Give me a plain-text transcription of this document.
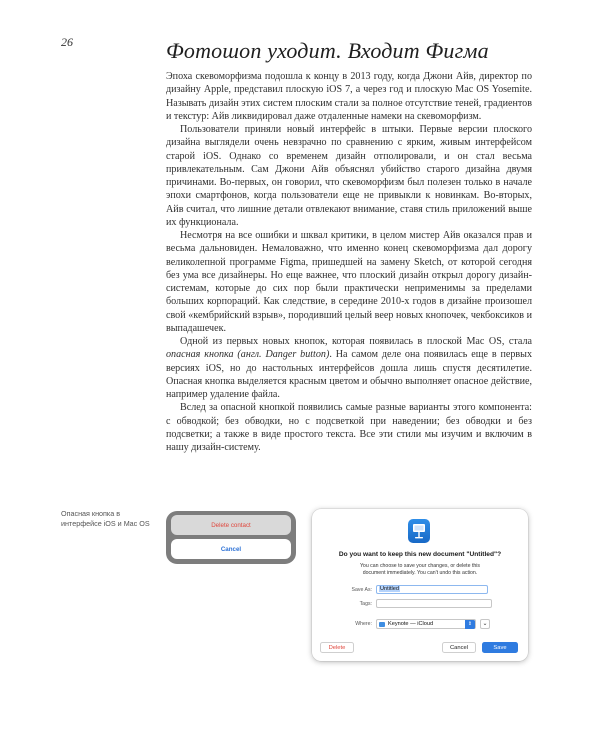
26	Фотошоп уходит. Входит Фигма

Эпоха скевоморфизма подошла к концу в 2013 году, когда Джони Айв, директор по дизайну Apple, представил плоскую iOS 7, а через год и плоскую Mac OS Yosemite. Называть дизайн этих систем плоским стали за полное отсутствие теней, градиентов и текстур: Айв ликвидировал даже отдаленные намеки на скевоморфизм.

Пользователи приняли новый интерфейс в штыки. Первые версии плоского дизайна выглядели очень невзрачно по сравнению с ярким, живым интерфейсом старой iOS. Однако со временем дизайн отполировали, и он стал весьма привлекательным. Сам Джони Айв объяснял убийство старого дизайна двумя причинами. Во-первых, он говорил, что скевоморфизм был полезен только в начале эпохи смартфонов, когда пользователи еще не привыкли к новинкам. Во-вторых, Айв считал, что лишние детали отвлекают внимание, ставя стиль приложений выше их функционала.

Несмотря на все ошибки и шквал критики, в целом мистер Айв оказался прав и весьма дальновиден. Немаловажно, что именно конец скевоморфизма дал дорогу великолепной программе Figma, пришедшей на замену Sketch, от которой сегодня без ума все дизайнеры. Но еще важнее, что плоский дизайн открыл дорогу дизайн-системам, которые до сих пор были практически неприменимы за пределами больших корпораций. Как следствие, в середине 2010-х годов в дизайне произошел свой «кембрийский взрыв», породивший целый веер новых кнопочек, чекбоксиков и выпадашечек.

Одной из первых новых кнопок, которая появилась в плоской Mac OS, стала опасная кнопка (англ. Danger button). На самом деле она появилась еще в первых версиях iOS, но до настольных интерфейсов дошла лишь спустя десятилетие. Опасная кнопка выделяется красным цветом и обычно выполняет опасное действие, например удаление файла.

Вслед за опасной кнопкой появились самые разные варианты этого компонента: с обводкой; без обводки, но с подсветкой при наведении; без обводки и без подсветки; а также в виде простого текста. Все эти стили мы изучим и включим в нашу дизайн-систему.

Опасная кнопка в интерфейсе iOS и Mac OS	Delete contact
Cancel
Do you want to keep this new document "Untitled"?
You can choose to save your changes, or delete this document immediately. You can't undo this action.
Save As:	Untitled
Tags:
Where:	Keynote — iCloud	⇕	⌄
Delete	Cancel	Save
